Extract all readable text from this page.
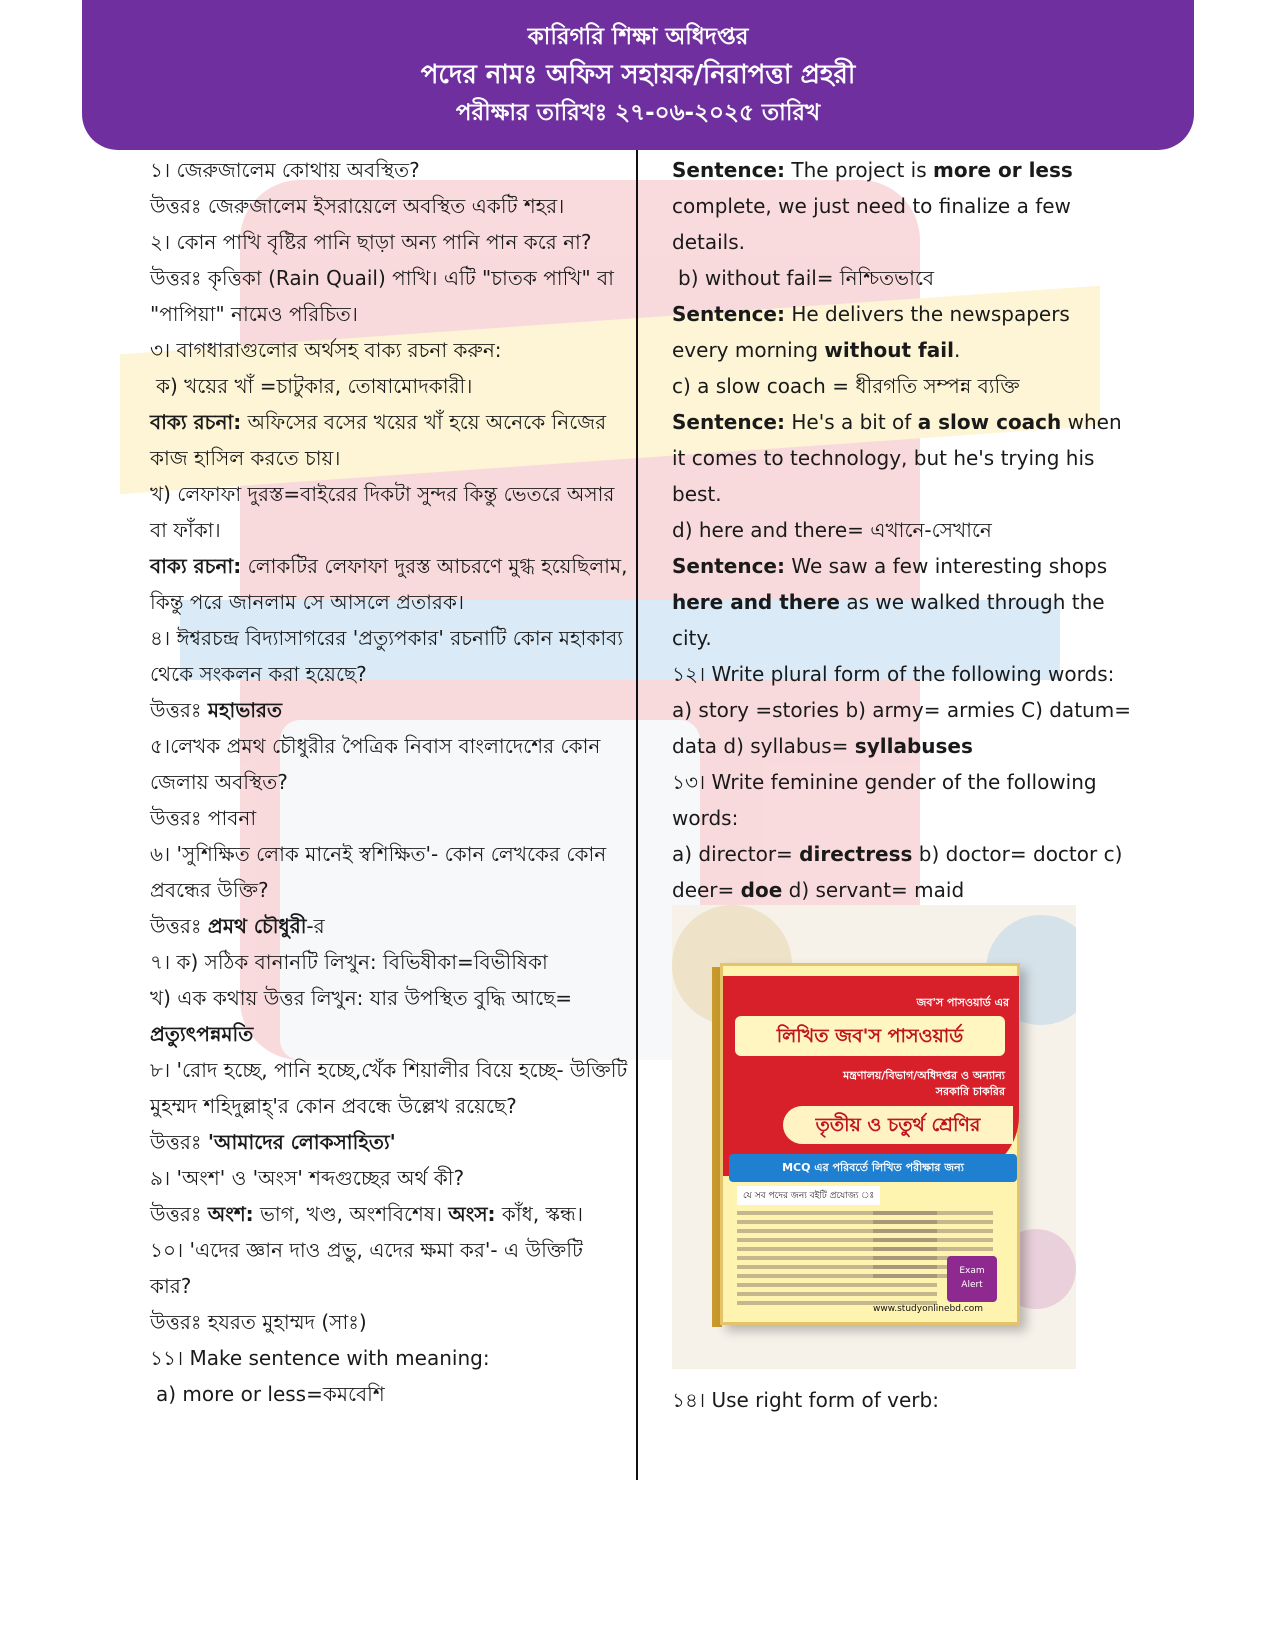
কারিগরি শিক্ষা অধিদপ্তর
পদের নামঃ অফিস সহায়ক/নিরাপত্তা প্রহরী
পরীক্ষার তারিখঃ ২৭-০৬-২০২৫ তারিখ

১। জেরুজালেম কোথায় অবস্থিত?

উত্তরঃ জেরুজালেম ইসরায়েলে অবস্থিত একটি শহর।

২। কোন পাখি বৃষ্টির পানি ছাড়া অন্য পানি পান করে না?

উত্তরঃ কৃত্তিকা (Rain Quail) পাখি। এটি "চাতক পাখি" বা "পাপিয়া" নামেও পরিচিত।

৩। বাগধারাগুলোর অর্থসহ বাক্য রচনা করুন:

ক) খয়ের খাঁ =চাটুকার, তোষামোদকারী।

বাক্য রচনা: অফিসের বসের খয়ের খাঁ হয়ে অনেকে নিজের কাজ হাসিল করতে চায়।

খ) লেফাফা দুরস্ত=বাইরের দিকটা সুন্দর কিন্তু ভেতরে অসার বা ফাঁকা।

বাক্য রচনা: লোকটির লেফাফা দুরস্ত আচরণে মুগ্ধ হয়েছিলাম, কিন্তু পরে জানলাম সে আসলে প্রতারক।

৪। ঈশ্বরচন্দ্র বিদ্যাসাগরের 'প্রত্যুপকার' রচনাটি কোন মহাকাব্য থেকে সংকলন করা হয়েছে?

উত্তরঃ মহাভারত

৫।লেখক প্রমথ চৌধুরীর পৈত্রিক নিবাস বাংলাদেশের কোন জেলায় অবস্থিত?

উত্তরঃ পাবনা

৬। 'সুশিক্ষিত লোক মানেই স্বশিক্ষিত'- কোন লেখকের কোন প্রবন্ধের উক্তি?

উত্তরঃ প্রমথ চৌধুরী-র

৭। ক) সঠিক বানানটি লিখুন: বিভিষীকা=বিভীষিকা

খ) এক কথায় উত্তর লিখুন: যার উপস্থিত বুদ্ধি আছে=

প্রত্যুৎপন্নমতি

৮। 'রোদ হচ্ছে, পানি হচ্ছে,খেঁক শিয়ালীর বিয়ে হচ্ছে- উক্তিটি মুহম্মদ শহিদুল্লাহ্'র কোন প্রবন্ধে উল্লেখ রয়েছে?

উত্তরঃ 'আমাদের লোকসাহিত্য'

৯। 'অংশ' ও 'অংস' শব্দগুচ্ছের অর্থ কী?

উত্তরঃ অংশ: ভাগ, খণ্ড, অংশবিশেষ। অংস: কাঁধ, স্কন্ধ।

১০। 'এদের জ্ঞান দাও প্রভু, এদের ক্ষমা কর'- এ উক্তিটি কার?

উত্তরঃ হযরত মুহাম্মদ (সাঃ)

১১। Make sentence with meaning:

a) more or less=কমবেশি

Sentence: The project is more or less complete, we just need to finalize a few details.

b) without fail= নিশ্চিতভাবে

Sentence: He delivers the newspapers every morning without fail.

c) a slow coach = ধীরগতি সম্পন্ন ব্যক্তি

Sentence: He's a bit of a slow coach when it comes to technology, but he's trying his best.

d) here and there= এখানে-সেখানে

Sentence: We saw a few interesting shops here and there as we walked through the city.

১২। Write plural form of the following words:

a) story =stories b) army= armies C) datum= data d) syllabus= syllabuses

১৩। Write feminine gender of the following words:

a) director= directress b) doctor= doctor c) deer= doe d) servant= maid

জব'স পাসওয়ার্ড এর
লিখিত জব'স পাসওয়ার্ড
মন্ত্রণালয়/বিভাগ/অধিদপ্তর ও অন্যান্য
সরকারি চাকরির
তৃতীয় ও চতুর্থ শ্রেণির
MCQ এর পরিবর্তে লিখিত পরীক্ষার জন্য
যে সব পদের জন্য বইটি প্রযোজ্য ঃ
Exam
Alert
www.studyonlinebd.com

১৪। Use right form of verb:
